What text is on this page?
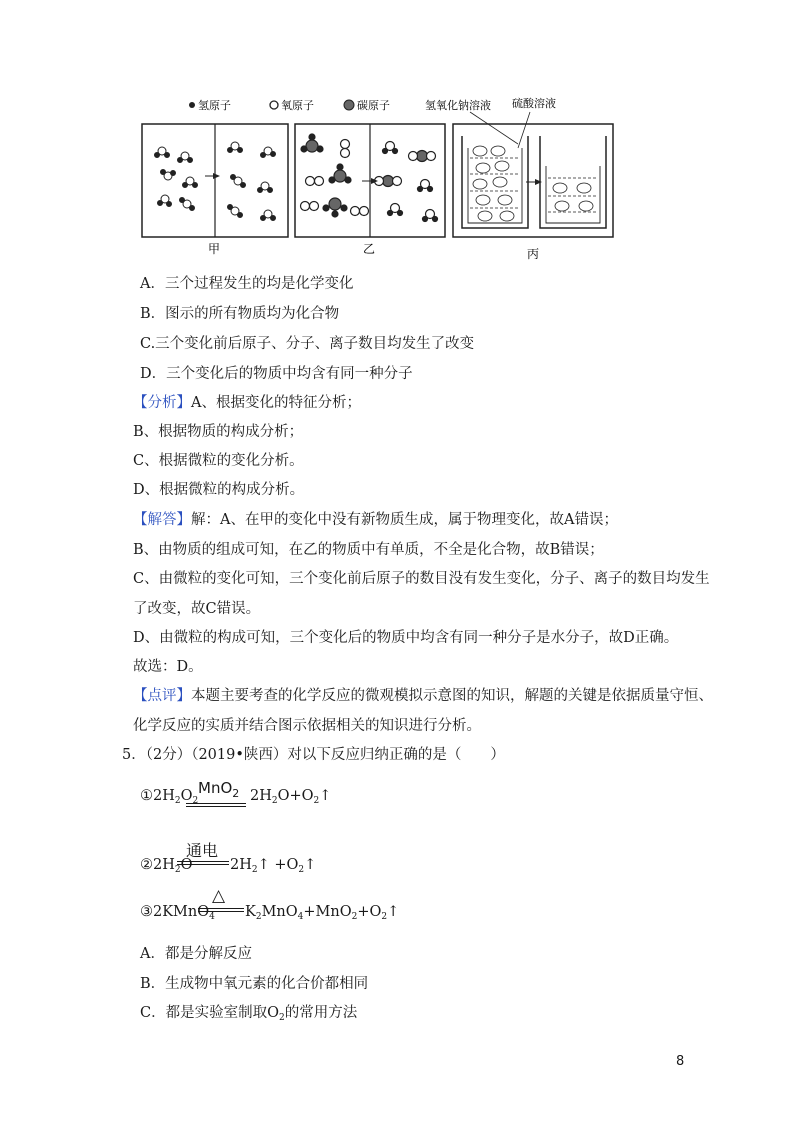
氢原子	氧原子	碳原子	氢氧化钠溶液 硫酸溶液
甲	乙	丙
A．三个过程发生的均是化学变化
B．图示的所有物质均为化合物
C.三个变化前后原子、分子、离子数目均发生了改变
D．三个变化后的物质中均含有同一种分子
【分析】A、根据变化的特征分析；
B、根据物质的构成分析；
C、根据微粒的变化分析。
D、根据微粒的构成分析。
【解答】解：A、在甲的变化中没有新物质生成，属于物理变化，故A错误；
B、由物质的组成可知，在乙的物质中有单质，不全是化合物，故B错误；
C、由微粒的变化可知，三个变化前后原子的数目没有发生变化，分子、离子的数目均发生
了改变，故C错误。
D、由微粒的构成可知，三个变化后的物质中均含有同一种分子是水分子，故D正确。
故选：D。
【点评】本题主要考查的化学反应的微观模拟示意图的知识，解题的关键是依据质量守恒、
化学反应的实质并结合图示依据相关的知识进行分析。
5．（2分）（2019•陕西）对以下反应归纳正确的是（　　）
$①2H_2O_2$
MnO$_2$ $2H_2O+O_2↑$
$②2H_2O$
通电
$2H_2↑$ $+O_2↑$
③2KMnO$_4$
△
$K_2MnO_4+MnO_2+O_2↑$
A．都是分解反应
B．生成物中氧元素的化合价都相同
C．都是实验室制取$O_2$的常用方法
8
